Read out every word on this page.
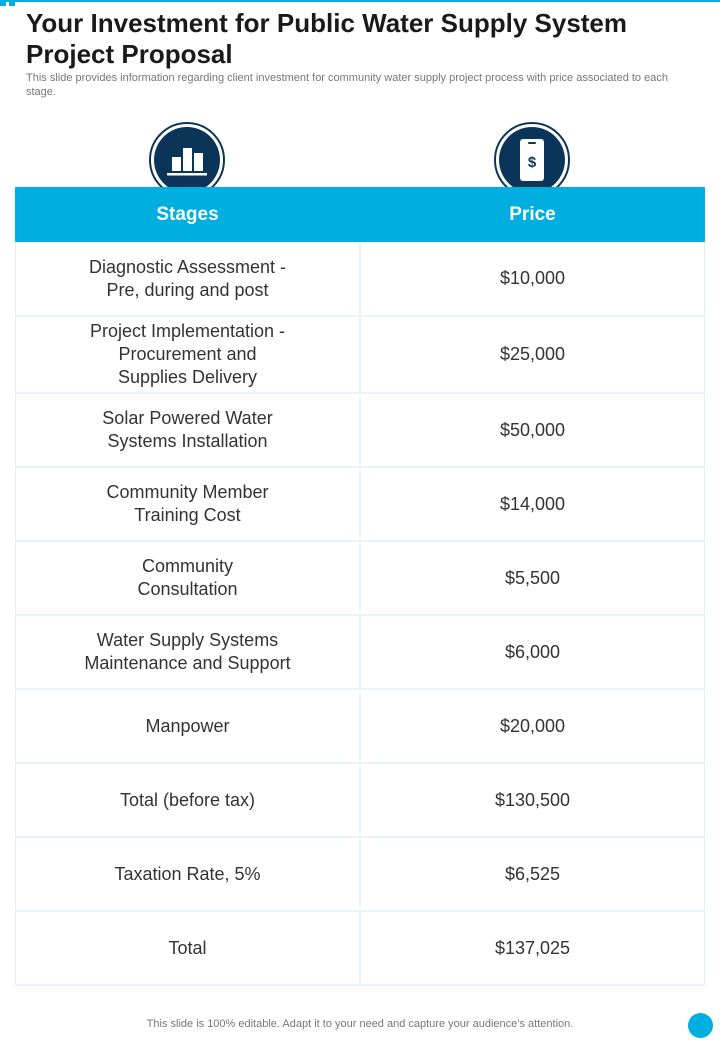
Your Investment for Public Water Supply System Project Proposal

This slide provides information regarding client investment for community water supply project process with price associated to each stage.

$
Stages	Price
Diagnostic Assessment -
Pre, during and post
$10,000
Project Implementation -
Procurement and
Supplies Delivery
$25,000
Solar Powered Water
Systems Installation
$50,000
Community Member
Training Cost
$14,000
Community
Consultation
$5,500
Water Supply Systems
Maintenance and Support
$6,000
Manpower	$20,000
Total (before tax)	$130,500
Taxation Rate, 5%	$6,525
Total	$137,025
This slide is 100% editable. Adapt it to your need and capture your audience’s attention.
